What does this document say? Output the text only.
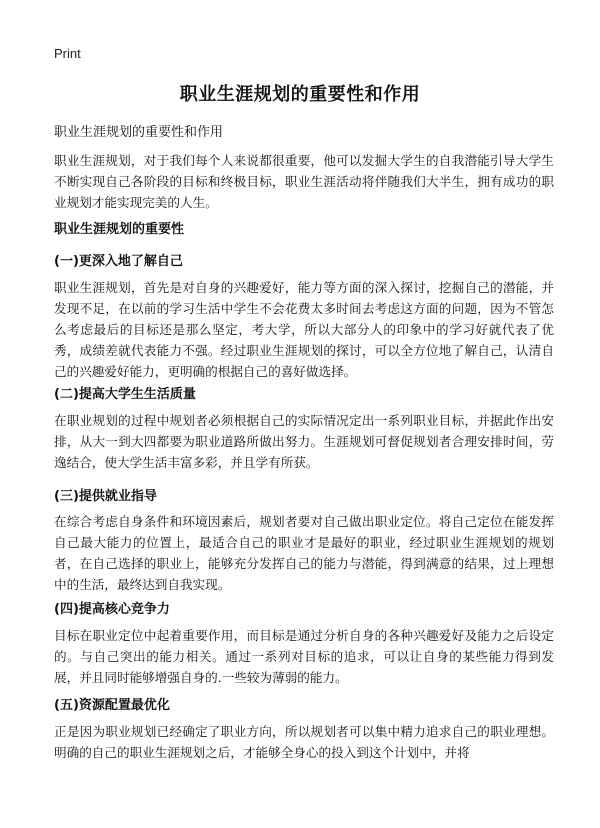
Print
职业生涯规划的重要性和作用
职业生涯规划的重要性和作用

职业生涯规划，对于我们每个人来说都很重要，他可以发掘大学生的自我潜能引导大学生不断实现自己各阶段的目标和终极目标，职业生涯活动将伴随我们大半生，拥有成功的职业规划才能实现完美的人生。

职业生涯规划的重要性
(一)更深入地了解自己

职业生涯规划，首先是对自身的兴趣爱好，能力等方面的深入探讨，挖掘自己的潜能，并发现不足，在以前的学习生活中学生不会花费太多时间去考虑这方面的问题，因为不管怎么考虑最后的目标还是那么坚定，考大学，所以大部分人的印象中的学习好就代表了优秀，成绩差就代表能力不强。经过职业生涯规划的探讨，可以全方位地了解自己，认清自己的兴趣爱好能力，更明确的根据自己的喜好做选择。

(二)提高大学生生活质量

在职业规划的过程中规划者必须根据自己的实际情况定出一系列职业目标，并据此作出安排，从大一到大四都要为职业道路所做出努力。生涯规划可督促规划者合理安排时间，劳逸结合，使大学生活丰富多彩，并且学有所获。

(三)提供就业指导

在综合考虑自身条件和环境因素后，规划者要对自己做出职业定位。将自己定位在能发挥自己最大能力的位置上，最适合自己的职业才是最好的职业，经过职业生涯规划的规划者，在自己选择的职业上，能够充分发挥自己的能力与潜能，得到满意的结果，过上理想中的生活，最终达到自我实现。

(四)提高核心竞争力

目标在职业定位中起着重要作用，而目标是通过分析自身的各种兴趣爱好及能力之后设定的。与自己突出的能力相关。通过一系列对目标的追求，可以让自身的某些能力得到发展，并且同时能够增强自身的.一些较为薄弱的能力。

(五)资源配置最优化

正是因为职业规划已经确定了职业方向，所以规划者可以集中精力追求自己的职业理想。明确的自己的职业生涯规划之后，才能够全身心的投入到这个计划中，并将
